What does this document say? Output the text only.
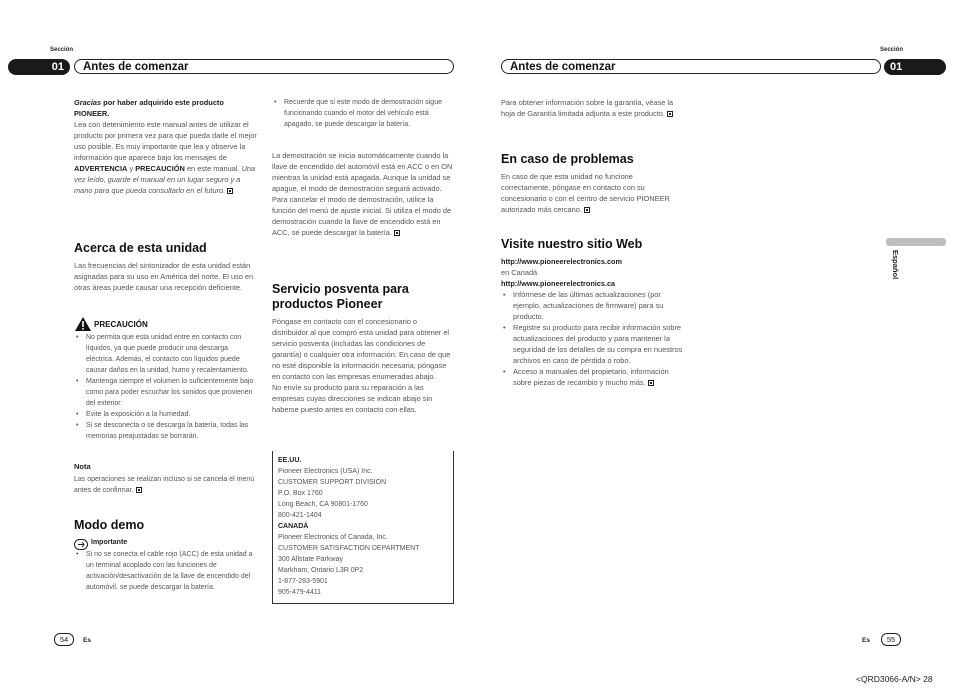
Sección
01	Antes de comenzar
Sección
Antes de comenzar	01
Gracias por haber adquirido este producto PIONEER.
Lea con detenimiento este manual antes de utilizar el producto por primera vez para que pueda darle el mejor uso posible. Es muy importante que lea y observe la información que aparece bajo los mensajes de ADVERTENCIA y PRECAUCIÓN en este manual. Una vez leído, guarde el manual en un lugar seguro y a mano para que pueda consultarlo en el futuro.
Acerca de esta unidad
Las frecuencias del sintonizador de esta unidad están asignadas para su uso en América del norte. El uso en otras áreas puede causar una recepción deficiente.
PRECAUCIÓN
• No permita que esta unidad entre en contacto con líquidos, ya que puede producir una descarga eléctrica. Además, el contacto con líquidos puede causar daños en la unidad, humo y recalentamiento.
• Mantenga siempre el volumen lo suficientemente bajo como para poder escuchar los sonidos que provienen del exterior.
• Evite la exposición a la humedad.
• Si se desconecta o se descarga la batería, todas las memorias preajustadas se borrarán.
Nota
Las operaciones se realizan incluso si se cancela el menú antes de confirmar.
Modo demo
Importante
• Si no se conecta el cable rojo (ACC) de esta unidad a un terminal acoplado con las funciones de activación/desactivación de la llave de encendido del automóvil, se puede descargar la batería.
• Recuerde que si este modo de demostración sigue funcionando cuando el motor del vehículo está apagado, se puede descargar la batería.
La demostración se inicia automáticamente cuando la llave de encendido del automóvil está en ACC o en ON mientras la unidad está apagada. Aunque la unidad se apague, el modo de demostración seguirá activado. Para cancelar el modo de demostración, utilice la función del menú de ajuste inicial. Si utiliza el modo de demostración cuando la llave de encendido está en ACC, se puede descargar la batería.
Servicio posventa para
productos Pioneer
Póngase en contacto con el concesionario o distribuidor al que compró esta unidad para obtener el servicio posventa (incluidas las condiciones de garantía) o cualquier otra información. En caso de que no esté disponible la información necesaria, póngase en contacto con las empresas enumeradas abajo.
No envíe su producto para su reparación a las empresas cuyas direcciones se indican abajo sin haberse puesto antes en contacto con ellas.
EE.UU.
Pioneer Electronics (USA) Inc.
CUSTOMER SUPPORT DIVISION
P.O. Box 1760
Long Beach, CA 90801-1760
800-421-1404
CANADÁ
Pioneer Electronics of Canada, Inc.
CUSTOMER SATISFACTION DEPARTMENT
300 Allstate Parkway
Markham, Ontario L3R 0P2
1-877-283-5901
905-479-4411
Para obtener información sobre la garantía, véase la hoja de Garantía limitada adjunta a este producto.
En caso de problemas
En caso de que esta unidad no funcione correctamente, póngase en contacto con su concesionario o con el centro de servicio PIONEER autorizado más cercano.
Visite nuestro sitio Web
http://www.pioneerelectronics.com
en Canadá
http://www.pioneerelectronics.ca
• Infórmese de las últimas actualizaciones (por ejemplo, actualizaciones de firmware) para su producto.
• Registre su producto para recibir información sobre actualizaciones del producto y para mantener la seguridad de los detalles de su compra en nuestros archivos en caso de pérdida o robo.
• Acceso a manuales del propietario, información sobre piezas de recambio y mucho más.
Español
54	Es	Es	55
<QRD3066-A/N> 28
